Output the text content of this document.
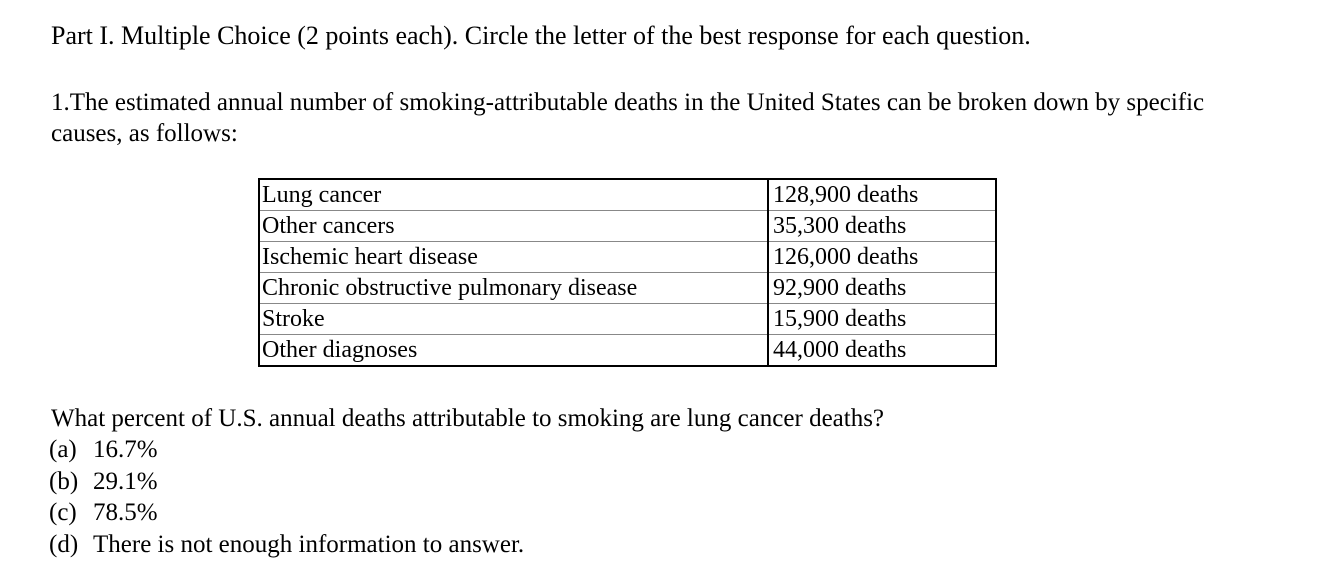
Part I. Multiple Choice (2 points each). Circle the letter of the best response for each question.
1.The estimated annual number of smoking-attributable deaths in the United States can be broken down by specific causes, as follows:
Lung cancer	128,900 deaths
Other cancers	35,300 deaths
Ischemic heart disease	126,000 deaths
Chronic obstructive pulmonary disease	92,900 deaths
Stroke	15,900 deaths
Other diagnoses	44,000 deaths
What percent of U.S. annual deaths attributable to smoking are lung cancer deaths?
(a) 16.7%
(b) 29.1%
(c) 78.5%
(d) There is not enough information to answer.
